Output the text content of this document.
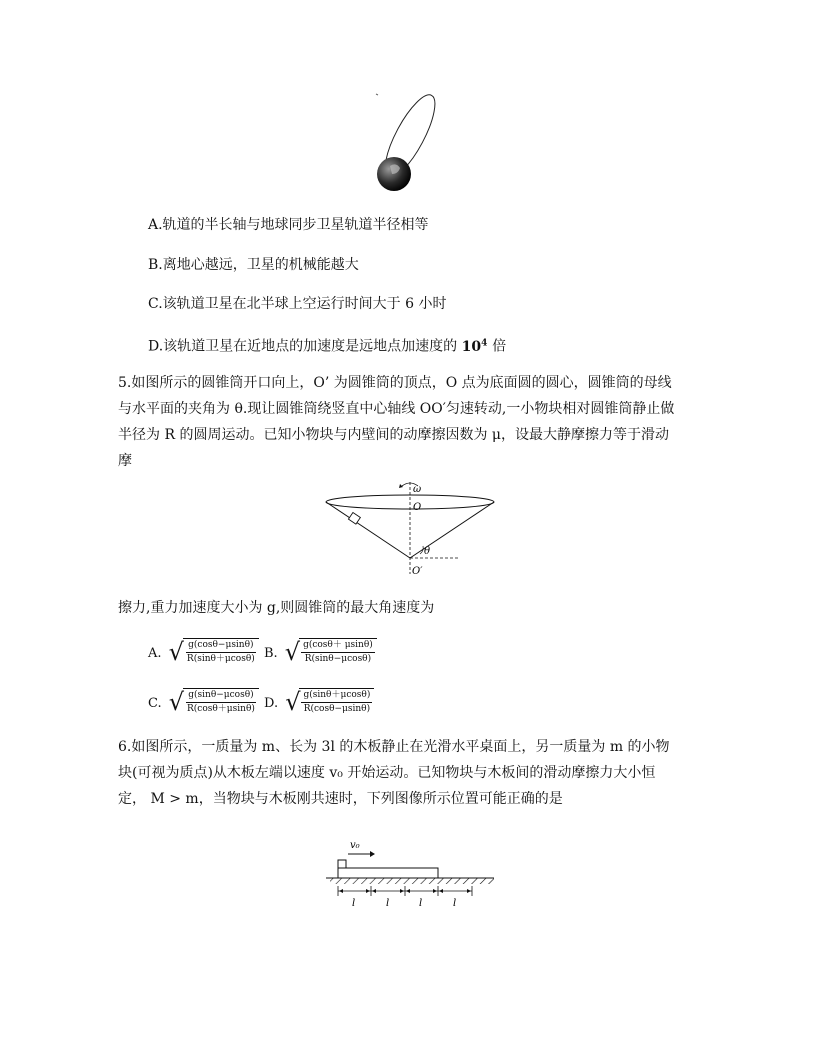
A.轨道的半长轴与地球同步卫星轨道半径相等
B.离地心越远，卫星的机械能越大
C.该轨道卫星在北半球上空运行时间大于 6 小时
D.该轨道卫星在近地点的加速度是远地点加速度的 $10^4$ 倍
5.如图所示的圆锥筒开口向上，O’ 为圆锥筒的顶点，O 点为底面圆的圆心，圆锥筒的母线与水平面的夹角为 θ.现让圆锥筒绕竖直中心轴线 OO′匀速转动,一小物块相对圆锥筒静止做半径为 R 的圆周运动。已知小物块与内壁间的动摩擦因数为 μ，设最大静摩擦力等于滑动摩
ω
O
O′
θ
擦力,重力加速度大小为 g,则圆锥筒的最大角速度为
A. √ $\frac{g(\cos\theta-\mu\sin\theta)}{R(\sin\theta+\mu\cos\theta)} B$. √ $\frac{g(\cos\theta+ \mu\sin\theta)}{R(\sin\theta-\mu\cos\theta)}$
C. √ $\frac{g(\sin\theta-\mu\cos\theta)}{R(\cos\theta+\mu\sin\theta)} D$. √ $\frac{g(\sin\theta+\mu\cos\theta)}{R(\cos\theta-\mu\sin\theta)}$
6.如图所示，一质量为 m、长为 3l 的木板静止在光滑水平桌面上，另一质量为 m 的小物块(可视为质点)从木板左端以速度 v₀ 开始运动。已知物块与木板间的滑动摩擦力大小恒定， M > m，当物块与木板刚共速时，下列图像所示位置可能正确的是
v₀
l	l	l	l
